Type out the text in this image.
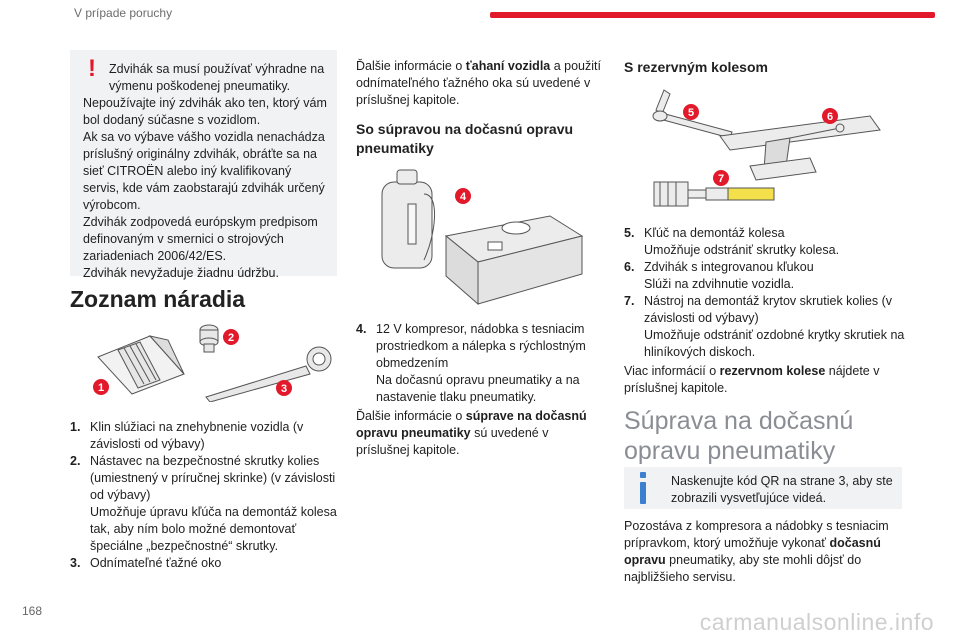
V prípade poruchy
!	Zdvihák sa musí používať výhradne na výmenu poškodenej pneumatiky.

Nepoužívajte iný zdvihák ako ten, ktorý vám bol dodaný súčasne s vozidlom.

Ak sa vo výbave vášho vozidla nenachádza príslušný originálny zdvihák, obráťte sa na sieť CITROËN alebo iný kvalifikovaný servis, kde vám zaobstarajú zdvihák určený výrobcom.

Zdvihák zodpovedá európskym predpisom definovaným v smernici o strojových zariadeniach 2006/42/ES.

Zdvihák nevyžaduje žiadnu údržbu.

Zoznam náradia
2
1	3
1. Klin slúžiaci na znehybnenie vozidla (v závislosti od výbavy)
2. Nástavec na bezpečnostné skrutky kolies (umiestnený v príručnej skrinke) (v závislosti od výbavy)
Umožňuje úpravu kľúča na demontáž kolesa tak, aby ním bolo možné demontovať špeciálne „bezpečnostné“ skrutky.
3. Odnímateľné ťažné oko

Ďalšie informácie o ťahaní vozidla a použití odnímateľného ťažného oka sú uvedené v príslušnej kapitole.

So súpravou na dočasnú opravu pneumatiky
4
4. 12 V kompresor, nádobka s tesniacim prostriedkom a nálepka s rýchlostným obmedzením
Na dočasnú opravu pneumatiky a na nastavenie tlaku pneumatiky.

Ďalšie informácie o súprave na dočasnú opravu pneumatiky sú uvedené v príslušnej kapitole.

S rezervným kolesom
5	6
7
5. Kľúč na demontáž kolesa
Umožňuje odstrániť skrutky kolesa.
6. Zdvihák s integrovanou kľukou
Slúži na zdvihnutie vozidla.
7. Nástroj na demontáž krytov skrutiek kolies (v závislosti od výbavy)
Umožňuje odstrániť ozdobné krytky skrutiek na hliníkových diskoch.

Viac informácií o rezervnom kolese nájdete v príslušnej kapitole.

Súprava na dočasnú opravu pneumatiky

Naskenujte kód QR na strane 3, aby ste zobrazili vysvetľujúce videá.

Pozostáva z kompresora a nádobky s tesniacim prípravkom, ktorý umožňuje vykonať dočasnú opravu pneumatiky, aby ste mohli dôjsť do najbližšieho servisu.

168	carmanualsonline.info
